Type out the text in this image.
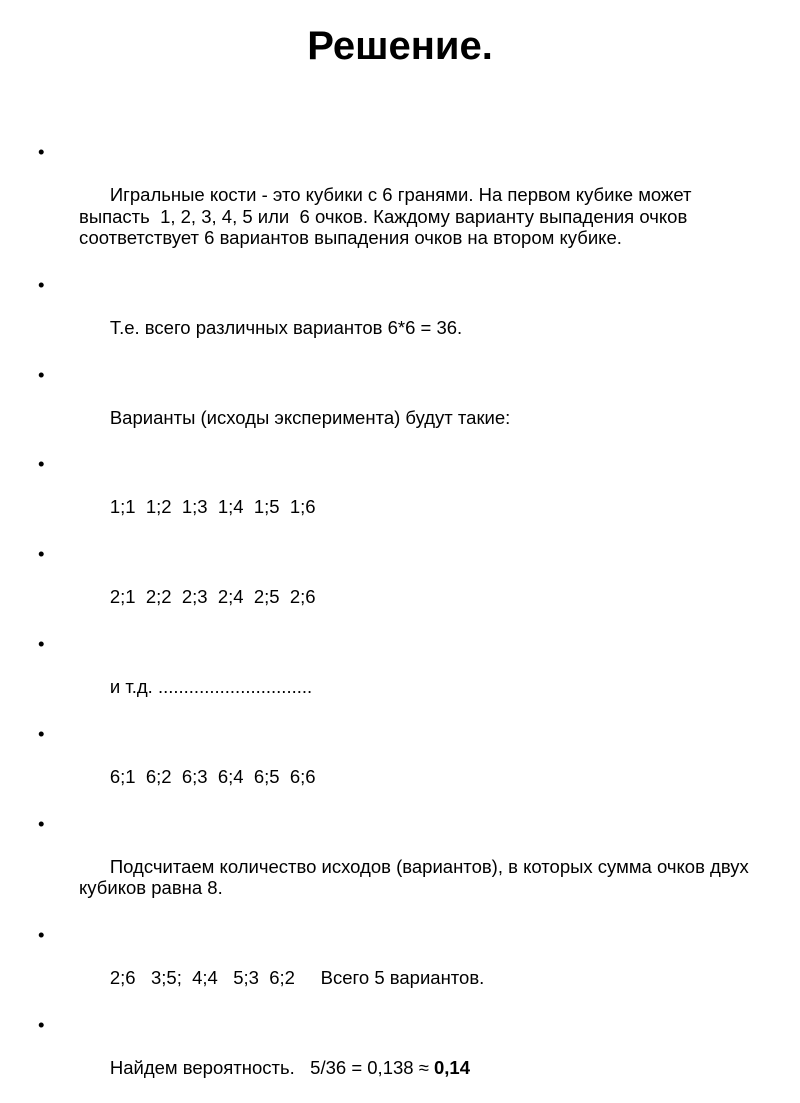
Решение.

•

Игральные кости - это кубики с 6 гранями. На первом кубике может выпасть  1, 2, 3, 4, 5 или  6 очков. Каждому варианту выпадения очков соответствует 6 вариантов выпадения очков на втором кубике.

•

Т.е. всего различных вариантов 6*6 = 36.

•

Варианты (исходы эксперимента) будут такие:

•

1;1  1;2  1;3  1;4  1;5  1;6

•

2;1  2;2  2;3  2;4  2;5  2;6

•

и т.д. ..............................

•

6;1  6;2  6;3  6;4  6;5  6;6

•

Подсчитаем количество исходов (вариантов), в которых сумма очков двух кубиков равна 8.

•

2;6   3;5;  4;4   5;3  6;2     Всего 5 вариантов.

•

Найдем вероятность.   5/36 = 0,138 ≈ 0,14
